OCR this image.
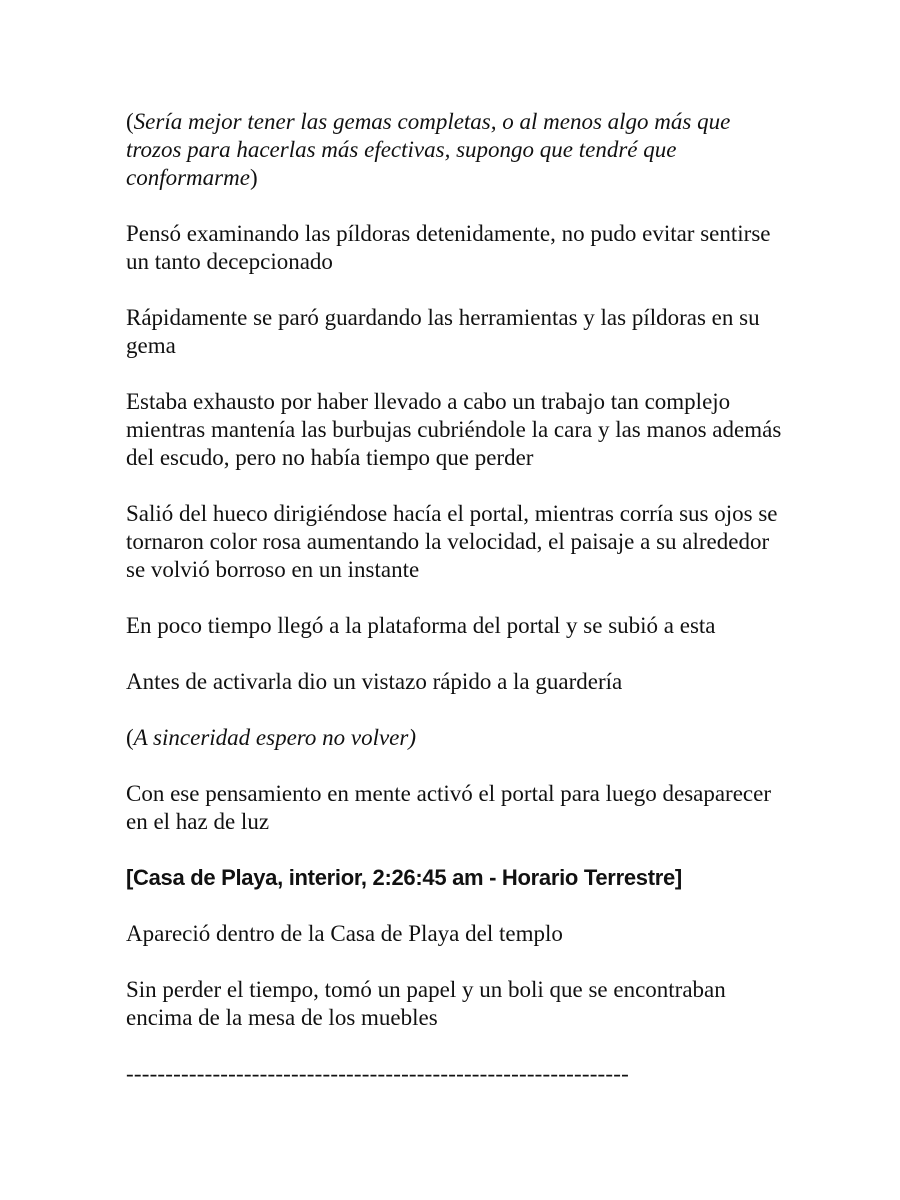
(Sería mejor tener las gemas completas, o al menos algo más que trozos para hacerlas más efectivas, supongo que tendré que conformarme)

Pensó examinando las píldoras detenidamente, no pudo evitar sentirse un tanto decepcionado

Rápidamente se paró guardando las herramientas y las píldoras en su gema

Estaba exhausto por haber llevado a cabo un trabajo tan complejo mientras mantenía las burbujas cubriéndole la cara y las manos además del escudo, pero no había tiempo que perder

Salió del hueco dirigiéndose hacía el portal, mientras corría sus ojos se tornaron color rosa aumentando la velocidad, el paisaje a su alrededor se volvió borroso en un instante

En poco tiempo llegó a la plataforma del portal y se subió a esta

Antes de activarla dio un vistazo rápido a la guardería

(A sinceridad espero no volver)

Con ese pensamiento en mente activó el portal para luego desaparecer en el haz de luz

[Casa de Playa, interior, 2:26:45 am - Horario Terrestre]

Apareció dentro de la Casa de Playa del templo

Sin perder el tiempo, tomó un papel y un boli que se encontraban encima de la mesa de los muebles

----------------------------------------------------------------
